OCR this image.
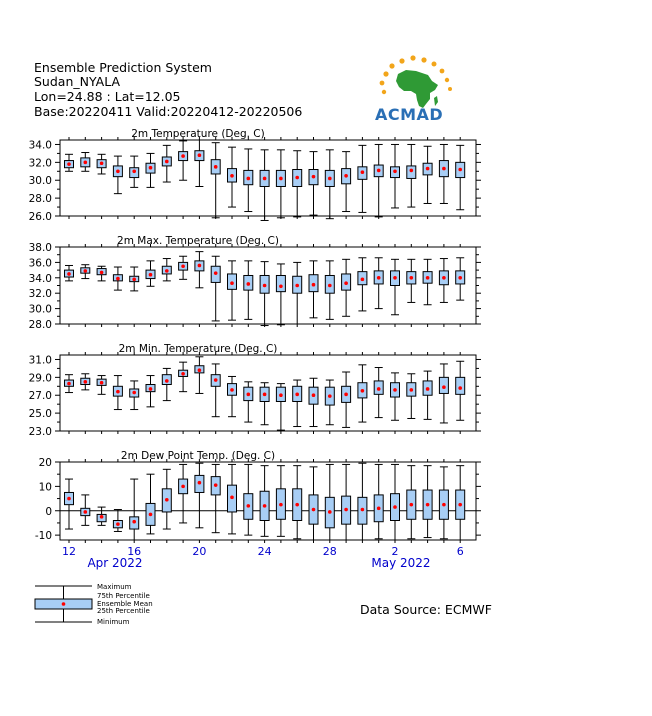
Ensemble Prediction System
Sudan_NYALA
Lon=24.88 : Lat=12.05
Base:20220411 Valid:20220412-20220506	ACMAD
2m Temperature (Deg. C)
34.0
32.0
30.0
28.0
26.0
2m Max. Temperature (Deg. C)
38.0
36.0
34.0
32.0
30.0
28.0
2m Min. Temperature (Deg. C)
31.0
29.0
27.0
25.0
23.0
2m Dew Point Temp. (Deg. C)
20
10
0
-10
12	16	20	24	28	2	6
Apr 2022	May 2022
Maximum
75th Percentile
Ensemble Mean
25th Percentile
Minimum
Data Source: ECMWF
